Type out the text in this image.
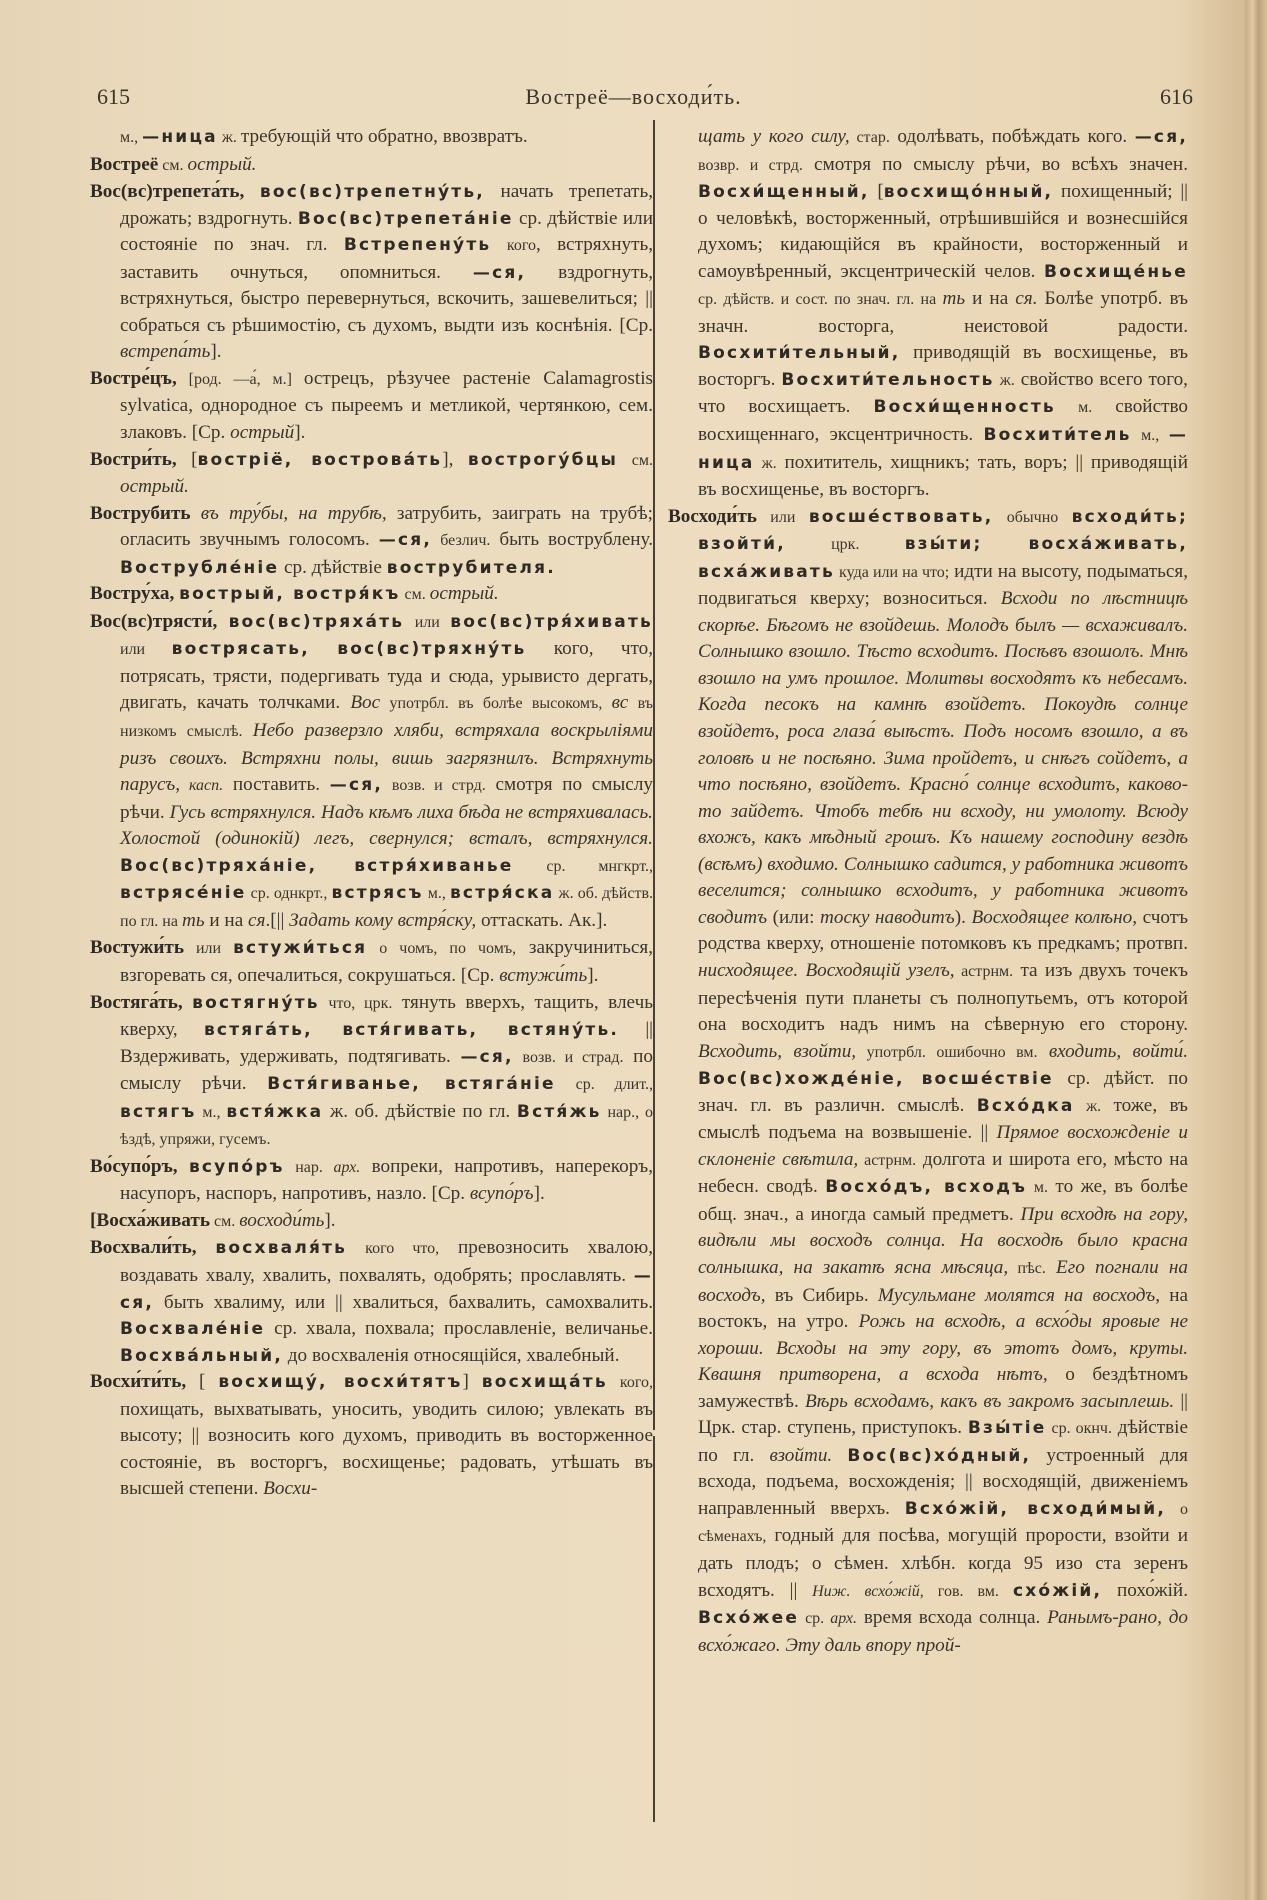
615	Востреё—восходи́ть.	616

м., —ница ж. требующій что обратно, ввозвратъ.

Востреё см. острый.

Вос(вс)трепета́ть, вос(вс)трепетну́ть, начать трепетать, дрожать; вздрогнуть. Вос(вс)трепета́ніе ср. дѣйствіе или состояніе по знач. гл. Встрепену́ть кого, встряхнуть, заставить очнуться, опомниться. —ся, вздрогнуть, встряхнуться, быстро перевернуться, вскочить, зашевелиться; || собраться съ рѣшимостію, съ духомъ, выдти изъ коснѣнія. [Ср. встрепа́ть].

Востре́цъ, [род. —а́, м.] острецъ, рѣзучее растеніе Calamagrostis sylvatica, однородное съ пыреемъ и метликой, чертянкою, сем. злаковъ. [Ср. острый].

Востри́ть, [вострië, вострова́ть], вострогу́бцы см. острый.

Вострубить въ тру́бы, на трубѣ, затрубить, заиграть на трубѣ; огласить звучнымъ голосомъ. —ся, безлич. быть вострублену. Вострубле́ніе ср. дѣйствіе вострубителя.

Востру́ха, вострый, востря́къ см. острый.

Вос(вс)трясти́, вос(вс)тряха́ть или вос(вс)тря́хивать или вострясать, вос(вс)тряхну́ть кого, что, потрясать, трясти, подергивать туда и сюда, урывисто дергать, двигать, качать толчками. Вос употрбл. въ болѣе высокомъ, вс въ низкомъ смыслѣ. Небо разверзло хляби, встряхала воскрыліями ризъ своихъ. Встряхни полы, вишь загрязнилъ. Встряхнуть парусъ, касп. поставить. —ся, возв. и стрд. смотря по смыслу рѣчи. Гусь встряхнулся. Надъ кѣмъ лиха бѣда не встряхивалась. Холостой (одинокій) легъ, свернулся; всталъ, встряхнулся. Вос(вс)тряха́ніе, встря́хиванье ср. мнгкрт., встрясе́ніе ср. однкрт., встрясъ м., встря́ска ж. об. дѣйств. по гл. на ть и на ся.[|| Задать кому встря́ску, оттаскать. Ак.].

Востужи́ть или встужи́ться о чомъ, по чомъ, закручиниться, взгоревать ся, опечалиться, сокрушаться. [Ср. встужи́ть].

Востяга́ть, востягну́ть что, црк. тянуть вверхъ, тащить, влечь кверху, встяга́ть, встя́гивать, встяну́ть. || Вздерживать, удерживать, подтягивать. —ся, возв. и страд. по смыслу рѣчи. Встя́гиванье, встяга́ніе ср. длит., встягъ м., встя́жка ж. об. дѣйствіе по гл. Встя́жь нар., о ѣздѣ, упряжи, гусемъ.

Во́супо́ръ, всупо́ръ нар. арх. вопреки, напротивъ, наперекоръ, насупоръ, наспоръ, напротивъ, назло. [Ср. всупо́ръ].

[Восха́живать см. восходи́ть].

Восхвали́ть, восхваля́ть кого что, превозносить хвалою, воздавать хвалу, хвалить, похвалять, одобрять; прославлять. —ся, быть хвалиму, или || хвалиться, бахвалить, самохвалить. Восхвале́ніе ср. хвала, похвала; прославленіе, величанье. Восхва́льный, до восхваленія относящійся, хвалебный.

Восхи́ти́ть, [ восхищу́, восхи́тятъ] восхища́ть кого, похищать, выхватывать, уносить, уводить силою; увлекать въ высоту; || возносить кого духомъ, приводить въ восторженное состояніе, въ восторгъ, восхищенье; радовать, утѣшать въ высшей степени. Восхи-

щать у кого силу, стар. одолѣвать, побѣждать кого. —ся, возвр. и стрд. смотря по смыслу рѣчи, во всѣхъ значен. Восхи́щенный, [восхищо́нный, похищенный; || о человѣкѣ, восторженный, отрѣшившійся и вознесшійся духомъ; кидающійся въ крайности, восторженный и самоувѣренный, эксцентрическій челов. Восхище́нье ср. дѣйств. и сост. по знач. гл. на ть и на ся. Болѣе употрб. въ значн. восторга, неистовой радости. Восхити́тельный, приводящій въ восхищенье, въ восторгъ. Восхити́тельность ж. свойство всего того, что восхищаетъ. Восхи́щенность м. свойство восхищеннаго, эксцентричность. Восхити́тель м., —ница ж. похититель, хищникъ; тать, воръ; || приводящій въ восхищенье, въ восторгъ.

Восходи́ть или восше́ствовать, обычно всходи́ть; взойти́, црк. взы́ти;	восха́живать, всха́живать куда или на что; идти на высоту, подыматься, подвигаться кверху; возноситься. Всходи по лѣстницѣ скорѣе. Бѣгомъ не взойдешь. Молодъ былъ — всхаживалъ. Солнышко взошло. Тѣсто всходитъ. Посѣвъ взошолъ. Мнѣ взошло на умъ прошлое. Молитвы восходятъ къ небесамъ. Когда песокъ на камнѣ взойдетъ. Покоудѣ солнце взойдетъ, роса глаза́ выѣстъ. Подъ носомъ взошло, а въ головѣ и не посѣяно. Зима пройдетъ, и снѣгъ сойдетъ, а что посѣяно, взойдетъ. Красно́ солнце всходитъ, каково-то зайдетъ. Чтобъ тебѣ ни всходу, ни умолоту. Всюду вхожъ, какъ мѣдный грошъ. Къ нашему господину вездѣ (всѣмъ) входимо. Солнышко садится, у работника животъ веселится; солнышко всходитъ, у работника животъ сводитъ (или: тоску наводитъ). Восходящее колѣно, счотъ родства кверху, отношеніе потомковъ къ предкамъ; протвп. нисходящее. Восходящій узелъ, астрнм. та изъ двухъ точекъ пересѣченія пути планеты съ полнопутьемъ, отъ которой она восходитъ надъ нимъ на сѣверную его сторону. Всходить, взойти, употрбл. ошибочно вм. входить, войти́. Вос(вс)хожде́ніе, восше́ствіе ср. дѣйст. по знач. гл. въ различн. смыслѣ. Всхо́дка ж. тоже, въ смыслѣ подъема на возвышеніе. || Прямое восхожденіе и склоненіе свѣтила, астрнм. долгота и широта его, мѣсто на небесн. сводѣ. Восхо́дъ, всходъ м. то же, въ болѣе общ. знач., а иногда самый предметъ. При всходѣ на гору, видѣли мы восходъ солнца. На восходѣ было красна солнышка, на закатѣ ясна мѣсяца, пѣс. Его погнали на восходъ, въ Сибирь. Мусульмане молятся на восходъ, на востокъ, на утро. Рожь на всходѣ, а всхо́ды яровые не хороши. Всходы на эту гору, въ этотъ домъ, круты. Квашня притворена, а всхода нѣтъ, о бездѣтномъ замужествѣ. Вѣрь всходамъ, какъ въ закромъ засыплешь. || Црк. стар. ступень, приступокъ. Взы́тіе ср. окнч. дѣйствіе по гл. взойти. Вос(вс)хо́дный, устроенный для всхода, подъема, восхожденія; || восходящій, движеніемъ направленный вверхъ. Всхо́жій, всходи́мый, о сѣменахъ, годный для посѣва, могущій прорости, взойти и дать плодъ; о сѣмен. хлѣбн. когда 95 изо ста зеренъ всходятъ. || Ниж. всхо́жій, гов. вм. схо́жій, похо́жій. Всхо́жее ср. арх. время всхода солнца. Ранымъ-рано, до всхо́жаго. Эту даль впору прой-
